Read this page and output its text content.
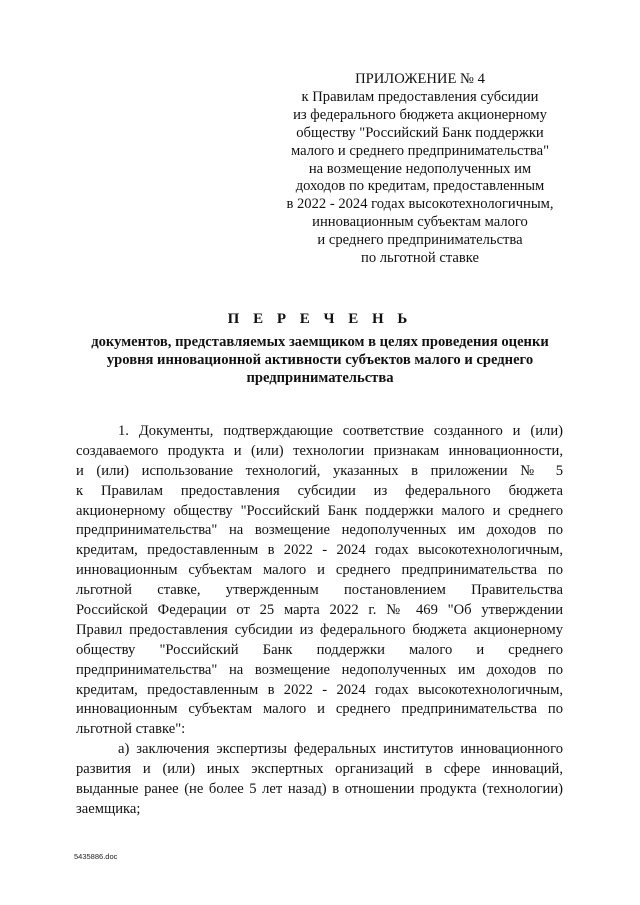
ПРИЛОЖЕНИЕ № 4
к Правилам предоставления субсидии
из федерального бюджета акционерному
обществу "Российский Банк поддержки
малого и среднего предпринимательства"
на возмещение недополученных им
доходов по кредитам, предоставленным
в 2022 - 2024 годах высокотехнологичным,
инновационным субъектам малого
и среднего предпринимательства
по льготной ставке
П Е Р Е Ч Е Н Ь
документов, представляемых заемщиком в целях проведения оценки
уровня инновационной активности субъектов малого и среднего
предпринимательства
1. Документы, подтверждающие соответствие созданного и (или)
создаваемого продукта и (или) технологии признакам инновационности,
и (или) использование технологий, указанных в приложении № 5
к Правилам предоставления субсидии из федерального бюджета
акционерному обществу "Российский Банк поддержки малого и среднего
предпринимательства" на возмещение недополученных им доходов по
кредитам, предоставленным в 2022 - 2024 годах высокотехнологичным,
инновационным субъектам малого и среднего предпринимательства по
льготной ставке, утвержденным постановлением Правительства
Российской Федерации от 25 марта 2022 г. № 469 "Об утверждении
Правил предоставления субсидии из федерального бюджета акционерному
обществу "Российский Банк поддержки малого и среднего
предпринимательства" на возмещение недополученных им доходов по
кредитам, предоставленным в 2022 - 2024 годах высокотехнологичным,
инновационным субъектам малого и среднего предпринимательства по
льготной ставке":
а) заключения экспертизы федеральных институтов инновационного
развития и (или) иных экспертных организаций в сфере инноваций,
выданные ранее (не более 5 лет назад) в отношении продукта (технологии)
заемщика;
5435886.doc
